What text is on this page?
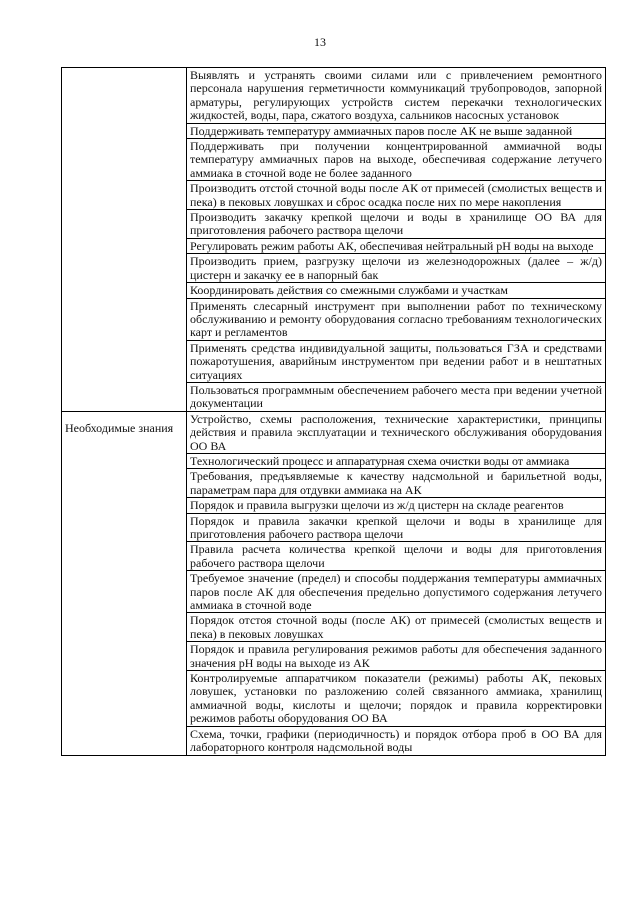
13
	Выявлять и устранять своими силами или с привлечением ремонтного персонала нарушения герметичности коммуникаций трубопроводов, запорной арматуры, регулирующих устройств систем перекачки технологических жидкостей, воды, пара, сжатого воздуха, сальников насосных установок
	Поддерживать температуру аммиачных паров после АК не выше заданной
	Поддерживать при получении концентрированной аммиачной воды температуру аммиачных паров на выходе, обеспечивая содержание летучего аммиака в сточной воде не более заданного
	Производить отстой сточной воды после АК от примесей (смолистых веществ и пека) в пековых ловушках и сброс осадка после них по мере накопления
	Производить закачку крепкой щелочи и воды в хранилище ОО ВА для приготовления рабочего раствора щелочи
	Регулировать режим работы АК, обеспечивая нейтральный pH воды на выходе
	Производить прием, разгрузку щелочи из железнодорожных (далее – ж/д) цистерн и закачку ее в напорный бак
	Координировать действия со смежными службами и участкам
	Применять слесарный инструмент при выполнении работ по техническому обслуживанию и ремонту оборудования согласно требованиям технологических карт и регламентов
	Применять средства индивидуальной защиты, пользоваться ГЗА и средствами пожаротушения, аварийным инструментом при ведении работ и в нештатных ситуациях
	Пользоваться программным обеспечением рабочего места при ведении учетной документации
Необходимые знания	Устройство, схемы расположения, технические характеристики, принципы действия и правила эксплуатации и технического обслуживания оборудования ОО ВА
	Технологический процесс и аппаратурная схема очистки воды от аммиака
	Требования, предъявляемые к качеству надсмольной и барильетной воды, параметрам пара для отдувки аммиака на АК
	Порядок и правила выгрузки щелочи из ж/д цистерн на складе реагентов
	Порядок и правила закачки крепкой щелочи и воды в хранилище для приготовления рабочего раствора щелочи
	Правила расчета количества крепкой щелочи и воды для приготовления рабочего раствора щелочи
	Требуемое значение (предел) и способы поддержания температуры аммиачных паров после АК для обеспечения предельно допустимого содержания летучего аммиака в сточной воде
	Порядок отстоя сточной воды (после АК) от примесей (смолистых веществ и пека) в пековых ловушках
	Порядок и правила регулирования режимов работы для обеспечения заданного значения pH воды на выходе из АК
	Контролируемые аппаратчиком показатели (режимы) работы АК, пековых ловушек, установки по разложению солей связанного аммиака, хранилищ аммиачной воды, кислоты и щелочи; порядок и правила корректировки режимов работы оборудования ОО ВА
	Схема, точки, графики (периодичность) и порядок отбора проб в ОО ВА для лабораторного контроля надсмольной воды
